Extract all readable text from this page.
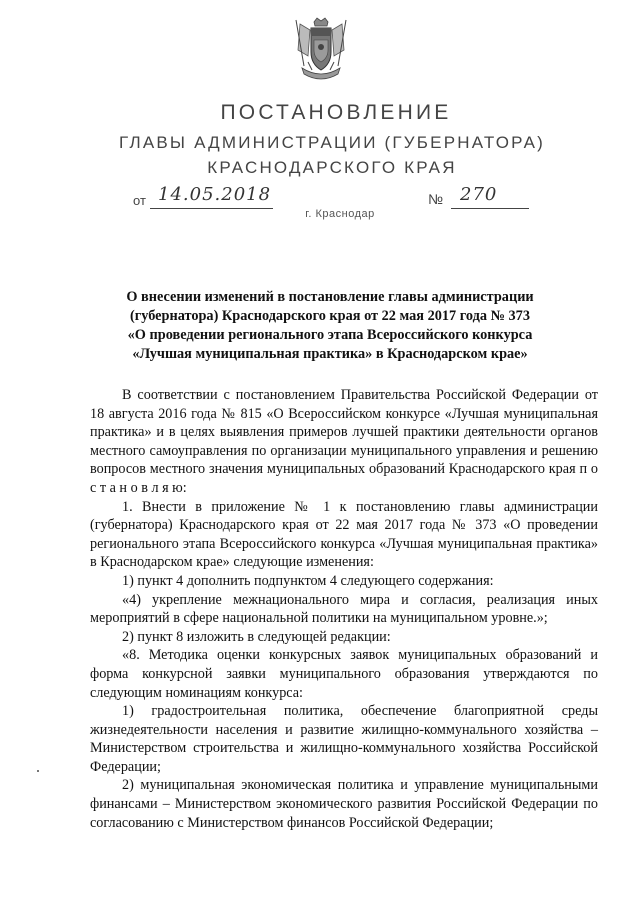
ПОСТАНОВЛЕНИЕ
ГЛАВЫ АДМИНИСТРАЦИИ (ГУБЕРНАТОРА)
КРАСНОДАРСКОГО КРАЯ
от 14.05.2018	№ 270
г. Краснодар
О внесении изменений в постановление главы администрации
(губернатора) Краснодарского края от 22 мая 2017 года № 373
«О проведении регионального этапа Всероссийского конкурса
«Лучшая муниципальная практика» в Краснодарском крае»

В соответствии с постановлением Правительства Российской Федерации от 18 августа 2016 года № 815 «О Всероссийском конкурсе «Лучшая муниципальная практика» и в целях выявления примеров лучшей практики деятельности органов местного самоуправления по организации муниципального управления и решению вопросов местного значения муниципальных образований Краснодарского края п о с т а н о в л я ю:

1. Внести в приложение № 1 к постановлению главы администрации (губернатора) Краснодарского края от 22 мая 2017 года № 373 «О проведении регионального этапа Всероссийского конкурса «Лучшая муниципальная практика» в Краснодарском крае» следующие изменения:

1) пункт 4 дополнить подпунктом 4 следующего содержания:

«4) укрепление межнационального мира и согласия, реализация иных мероприятий в сфере национальной политики на муниципальном уровне.»;

2) пункт 8 изложить в следующей редакции:

«8. Методика оценки конкурсных заявок муниципальных образований и форма конкурсной заявки муниципального образования утверждаются по следующим номинациям конкурса:

1) градостроительная политика, обеспечение благоприятной среды жизнедеятельности населения и развитие жилищно-коммунального хозяйства – Министерством строительства и жилищно-коммунального хозяйства Российской Федерации;

2) муниципальная экономическая политика и управление муниципальными финансами – Министерством экономического развития Российской Федерации по согласованию с Министерством финансов Российской Федерации;
